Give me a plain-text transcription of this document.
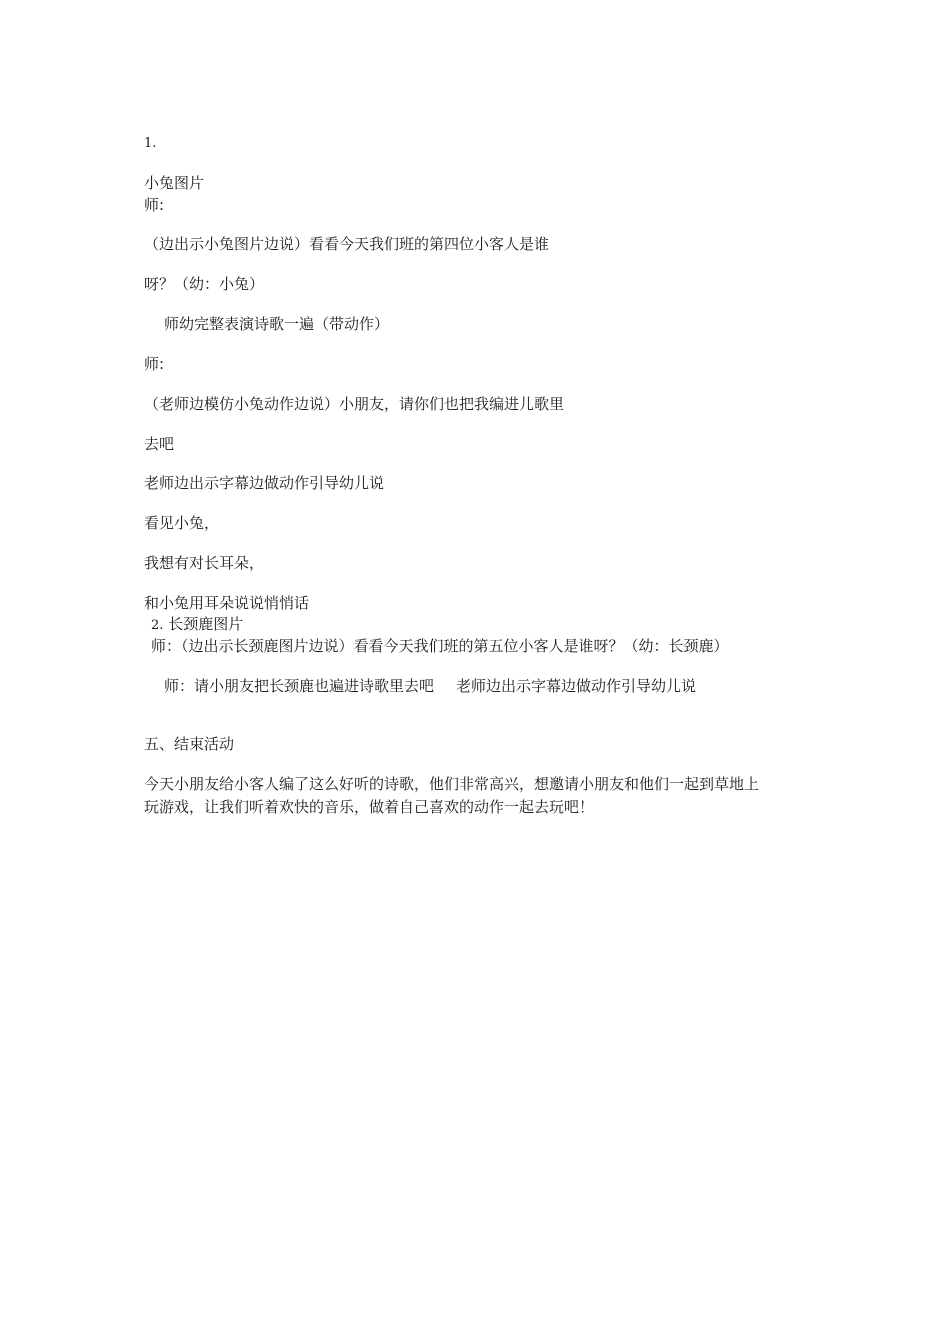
1.

小兔图片

师:

（边出示小兔图片边说）看看今天我们班的第四位小客人是谁

呀？（幼：小兔）

师幼完整表演诗歌一遍（带动作）

师:

（老师边模仿小兔动作边说）小朋友，请你们也把我编进儿歌里

去吧

老师边出示字幕边做动作引导幼儿说

看见小兔，

我想有对长耳朵，

和小兔用耳朵说说悄悄话

2. 长颈鹿图片

师：（边出示长颈鹿图片边说）看看今天我们班的第五位小客人是谁呀？（幼：长颈鹿）

师：请小朋友把长颈鹿也遍进诗歌里去吧 老师边出示字幕边做动作引导幼儿说

五、结束活动

今天小朋友给小客人编了这么好听的诗歌，他们非常高兴，想邀请小朋友和他们一起到草地上

玩游戏，让我们听着欢快的音乐，做着自己喜欢的动作一起去玩吧！
